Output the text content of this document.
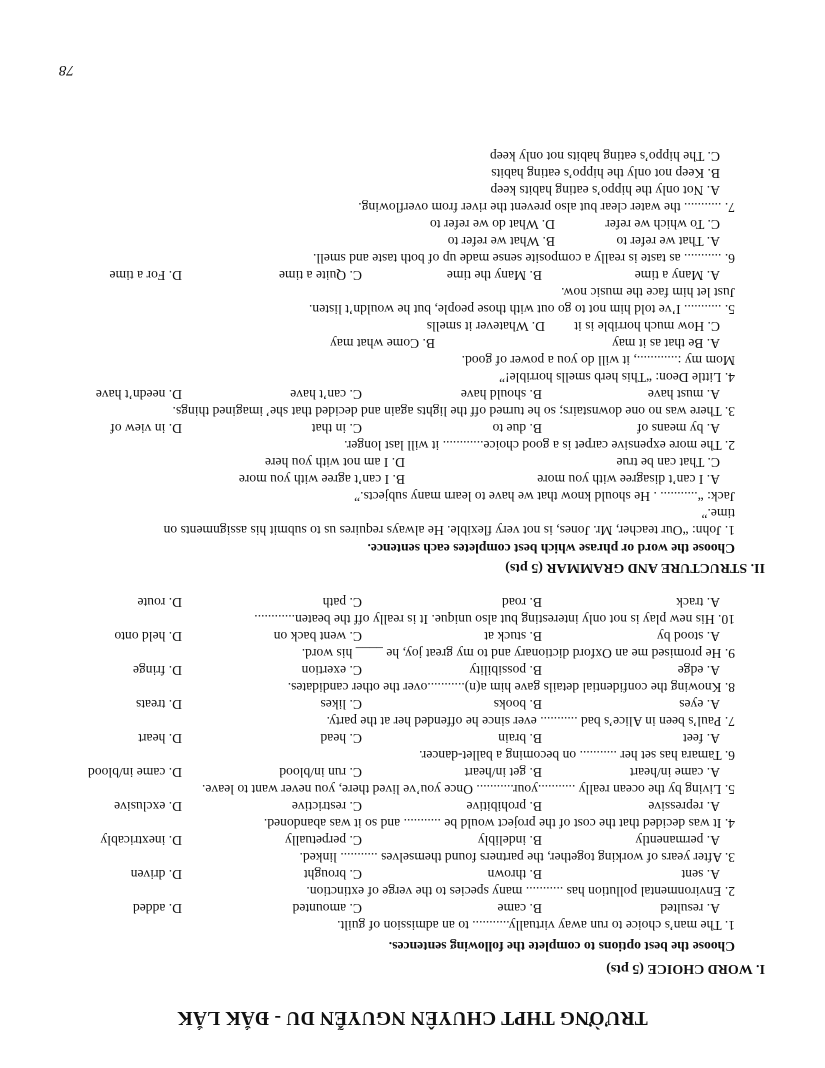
78
TRƯỜNG THPT CHUYÊN NGUYỄN DU - ĐẮK LẮK
I. WORD CHOICE (5 pts)
Choose the best options to complete the following sentences.
1. The man’s choice to run away virtually........... to an admission of guilt.
A. resulted
B. came
C. amounted
D. added
2. Environmental pollution has ........... many species to the verge of extinction.
A. sent
B. thrown
C. brought
D. driven
3. After years of working together, the partners found themselves ........... linked.
A. permanently
B. indelibly
C. perpetually
D. inextricably
4. It was decided that the cost of the project would be ........... and so it was abandoned.
A. repressive
B. prohibitive
C. restrictive
D. exclusive
5. Living by the ocean really ...........your........... Once you’ve lived there, you never want to leave.
A. came in/heart
B. get in/heart
C. run in/blood
D. came in/blood
6. Tamara has set her ........... on becoming a ballet-dancer.
A. feet
B. brain
C. head
D. heart
7. Paul’s been in Alice’s bad ........... ever since he offended her at the party.
A. eyes
B. books
C. likes
D. treats
8. Knowing the confidential details gave him a(n)...........over the other candidates.
A. edge
B. possibility
C. exertion
D. fringe
9. He promised me an Oxford dictionary and to my great joy, he ____ his word.
A. stood by
B. stuck at
C. went back on
D. held onto
10. His new play is not only interesting but also unique. It is really off the beaten............
A. track
B. road
C. path
D. route
II. STRUCTURE AND GRAMMAR (5 pts)
Choose the word or phrase which best completes each sentence.
1. John: “Our teacher, Mr. Jones, is not very flexible. He always requires us to submit his assignments on
time.”
Jack: “........... . He should know that we have to learn many subjects.”
A. I can’t disagree with you more
B. I can’t agree with you more
C. That can be true
D. I am not with you here
2. The more expensive carpet is a good choice............ it will last longer.
A. by means of
B. due to
C. in that
D. in view of
3. There was no one downstairs; so he turned off the lights again and decided that she’ imagined things.
A. must have
B. should have
C. can’t have
D. needn’t have
4. Little Deon: “This herb smells horrible!”
Mom my :............, it will do you a power of good.
A. Be that as it may
B. Come what may
C. How much horrible is it
D. Whatever it smells
5. ........... I’ve told him not to go out with those people, but he wouldn’t listen.
Just let him face the music now.
A. Many a time
B. Many the time
C. Quite a time
D. For a time
6. ........... as taste is really a composite sense made up of both taste and smell.
A. That we refer to
B. What we refer to
C. To which we refer
D. What do we refer to
7. ........... the water clear but also prevent the river from overflowing.
A. Not only the hippo’s eating habits keep
B. Keep not only the hippo’s eating habits
C. The hippo’s eating habits not only keep
